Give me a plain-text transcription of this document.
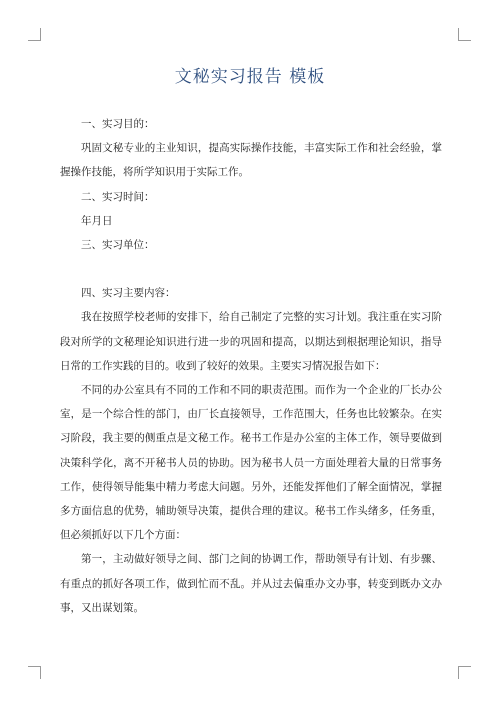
文秘实习报告 模板

一、实习目的：

巩固文秘专业的主业知识，提高实际操作技能，丰富实际工作和社会经验，掌握操作技能，将所学知识用于实际工作。

二、实习时间：

年月日

三、实习单位：

四、实习主要内容：

我在按照学校老师的安排下，给自己制定了完整的实习计划。我注重在实习阶段对所学的文秘理论知识进行进一步的巩固和提高，以期达到根据理论知识，指导日常的工作实践的目的。收到了较好的效果。主要实习情况报告如下：

不同的办公室具有不同的工作和不同的职责范围。而作为一个企业的厂长办公室，是一个综合性的部门，由厂长直接领导，工作范围大，任务也比较繁杂。在实习阶段，我主要的侧重点是文秘工作。秘书工作是办公室的主体工作，领导要做到决策科学化，离不开秘书人员的协助。因为秘书人员一方面处理着大量的日常事务工作，使得领导能集中精力考虑大问题。另外，还能发挥他们了解全面情况，掌握多方面信息的优势，辅助领导决策，提供合理的建议。秘书工作头绪多，任务重，但必须抓好以下几个方面：

第一，主动做好领导之间、部门之间的协调工作，帮助领导有计划、有步骤、有重点的抓好各项工作，做到忙而不乱。并从过去偏重办文办事，转变到既办文办事，又出谋划策。
